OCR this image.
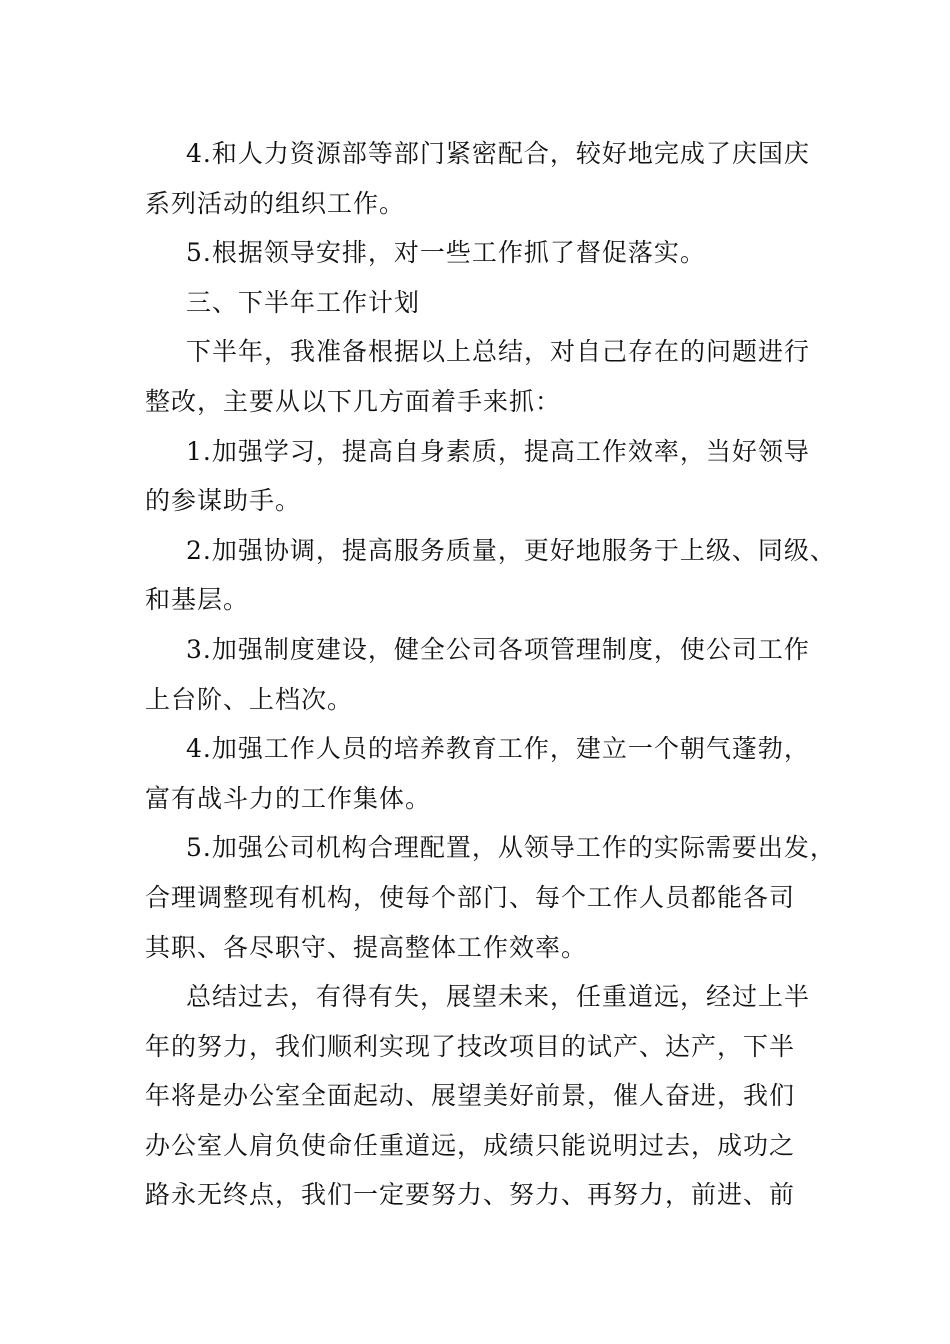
4.和人力资源部等部门紧密配合，较好地完成了庆国庆
系列活动的组织工作。
5.根据领导安排，对一些工作抓了督促落实。
三、下半年工作计划
下半年，我准备根据以上总结，对自己存在的问题进行
整改，主要从以下几方面着手来抓：
1.加强学习，提高自身素质，提高工作效率，当好领导
的参谋助手。
2.加强协调，提高服务质量，更好地服务于上级、同级、
和基层。
3.加强制度建设，健全公司各项管理制度，使公司工作
上台阶、上档次。
4.加强工作人员的培养教育工作，建立一个朝气蓬勃，
富有战斗力的工作集体。
5.加强公司机构合理配置，从领导工作的实际需要出发，
合理调整现有机构，使每个部门、每个工作人员都能各司
其职、各尽职守、提高整体工作效率。
总结过去，有得有失，展望未来，任重道远，经过上半
年的努力，我们顺利实现了技改项目的试产、达产，下半
年将是办公室全面起动、展望美好前景，催人奋进，我们
办公室人肩负使命任重道远，成绩只能说明过去，成功之
路永无终点，我们一定要努力、努力、再努力，前进、前
